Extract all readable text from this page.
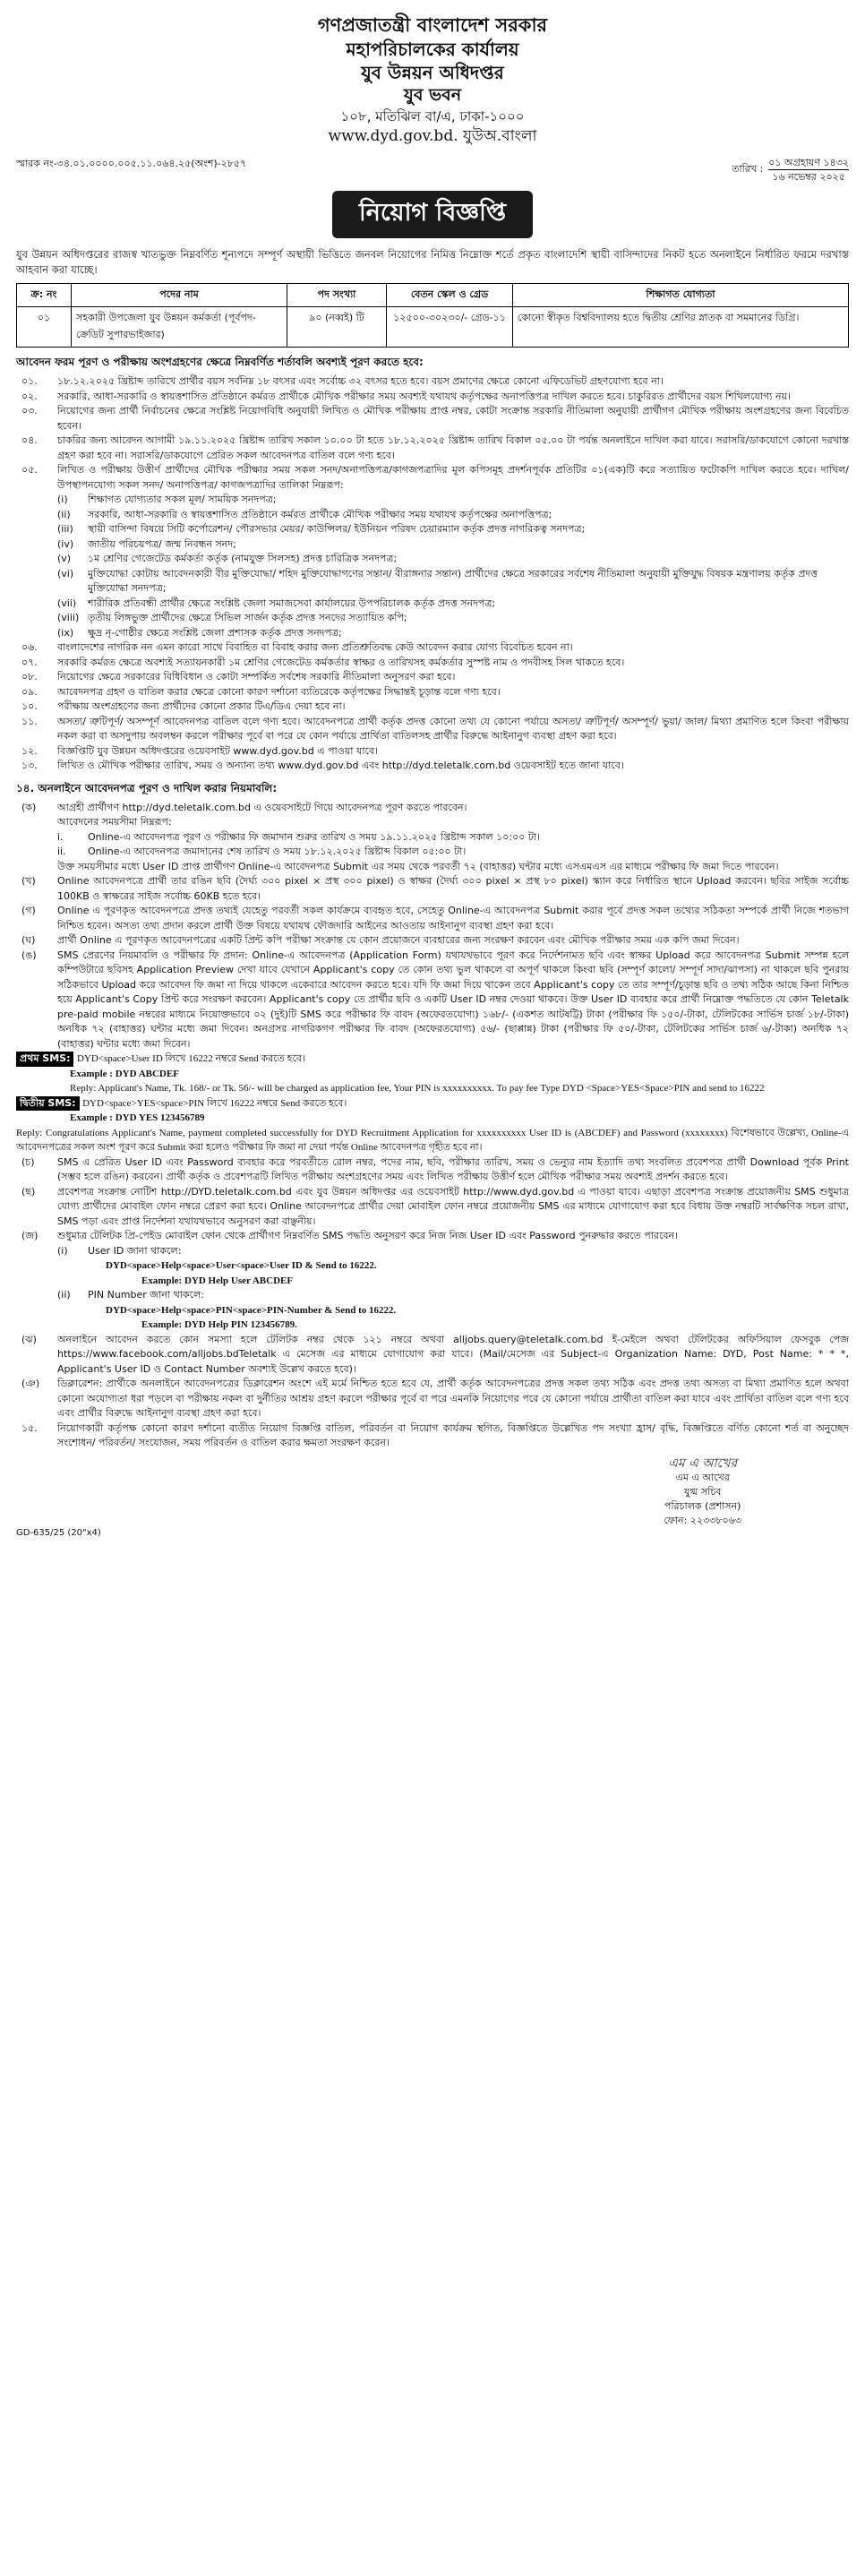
গণপ্রজাতন্ত্রী বাংলাদেশ সরকার
মহাপরিচালকের কার্যালয়
যুব উন্নয়ন অধিদপ্তর
যুব ভবন
১০৮, মতিঝিল বা/এ, ঢাকা-১০০০
www.dyd.gov.bd. যুউঅ.বাংলা
স্মারক নং-৩৪.০১.০০০০.০০৫.১১.০৬৪.২৫(অংশ)-২৮৫৭	তারিখ :
০১ অগ্রহায়ণ ১৪৩২
১৬ নভেম্বর ২০২৫
নিয়োগ বিজ্ঞপ্তি
যুব উন্নয়ন অধিদপ্তরের রাজস্ব খাতভুক্ত নিম্নবর্ণিত শূন্যপদে সম্পূর্ণ অস্থায়ী ভিত্তিতে জনবল নিয়োগের নিমিত্ত নিম্নোক্ত শর্তে প্রকৃত বাংলাদেশি স্থায়ী বাসিন্দাদের নিকট হতে অনলাইনে নির্ধারিত ফরমে দরখাস্ত আহবান করা যাচ্ছে।
ক্র: নং	পদের নাম	পদ সংখ্যা	বেতন স্কেল ও গ্রেড	শিক্ষাগত যোগ্যতা
০১	সহকারী উপজেলা যুব উন্নয়ন কর্মকর্তা (পূর্বপদ- ক্রেডিট সুপারভাইজার)	৯০ (নব্বই) টি	১২৫০০-৩০২৩০/- গ্রেড-১১	কোনো স্বীকৃত বিশ্ববিদ্যালয় হতে দ্বিতীয় শ্রেণির স্নাতক বা সমমানের ডিগ্রি।
আবেদন ফরম পূরণ ও পরীক্ষায় অংশগ্রহণের ক্ষেত্রে নিম্নবর্ণিত শর্তাবলি অবশ্যই পূরণ করতে হবে:
০১.	১৮.১২.২০২৫ খ্রিষ্টাব্দ তারিখে প্রার্থীর বয়স সর্বনিম্ন ১৮ বৎসর এবং সর্বোচ্চ ৩২ বৎসর হতে হবে। বয়স প্রমাণের ক্ষেত্রে কোনো এফিডেভিট গ্রহণযোগ্য হবে না।
০২.	সরকারি, আধা-সরকারি ও স্বায়ত্তশাসিত প্রতিষ্ঠানে কর্মরত প্রার্থীকে মৌখিক পরীক্ষার সময় অবশ্যই যথাযথ কর্তৃপক্ষের অনাপত্তিপত্র দাখিল করতে হবে। চাকুরিরত প্রার্থীদের বয়স শিথিলযোগ্য নয়।
০৩.	নিয়োগের জন্য প্রার্থী নির্বাচনের ক্ষেত্রে সংশ্লিষ্ট নিয়োগবিধি অনুযায়ী লিখিত ও মৌখিক পরীক্ষায় প্রাপ্ত নম্বর, কোটা সংক্রান্ত সরকারি নীতিমালা অনুযায়ী প্রার্থীগণ মৌখিক পরীক্ষায় অংশগ্রহণের জন্য বিবেচিত হবেন।
০৪.	চাকরির জন্য আবেদন আগামী ১৯.১১.২০২৫ খ্রিষ্টাব্দ তারিখ সকাল ১০.০০ টা হতে ১৮.১২.২০২৫ খ্রিষ্টাব্দ তারিখ বিকাল ০৫.০০ টা পর্যন্ত অনলাইনে দাখিল করা যাবে। সরাসরি/ডাকযোগে কোনো দরখাস্ত গ্রহণ করা হবে না। সরাসরি/ডাকযোগে প্রেরিত সকল আবেদনপত্র বাতিল বলে গণ্য হবে।
০৫.	লিখিত ও পরীক্ষায় উত্তীর্ণ প্রার্থীদের মৌখিক পরীক্ষার সময় সকল সনদ/অনাপত্তিপত্র/কাগজপত্রাদির মূল কপিসমূহ প্রদর্শনপূর্বক প্রতিটির ০১(এক)টি করে সত্যায়িত ফটোকপি দাখিল করতে হবে। দাখিল/উপস্থাপনযোগ্য সকল সনদ/ অনাপত্তিপত্র/ কাগজপত্রাদির তালিকা নিম্নরূপ:
(i)	শিক্ষাগত যোগ্যতার সকল মূল/ সাময়িক সনদপত্র;
(ii)	সরকারি, আধা-সরকারি ও স্বায়ত্তশাসিত প্রতিষ্ঠানে কর্মরত প্রার্থীকে মৌখিক পরীক্ষার সময় যথাযথ কর্তৃপক্ষের অনাপত্তিপত্র;
(iii)	স্থায়ী বাসিন্দা বিষয়ে সিটি কর্পোরেশন/ পৌরসভার মেয়র/ কাউন্সিলর/ ইউনিয়ন পরিষদ চেয়ারম্যান কর্তৃক প্রদত্ত নাগরিকত্ব সনদপত্র;
(iv)	জাতীয় পরিচয়পত্র/ জন্ম নিবন্ধন সনদ;
(v)	১ম শ্রেণির গেজেটেড কর্মকর্তা কর্তৃক (নামযুক্ত সিলসহ) প্রদত্ত চারিত্রিক সনদপত্র;
(vi)	মুক্তিযোদ্ধা কোটায় আবেদনকারী বীর মুক্তিযোদ্ধা/ শহিদ মুক্তিযোদ্ধাগণের সন্তান/ বীরাঙ্গনার সন্তান) প্রার্থীদের ক্ষেত্রে সরকারের সর্বশেষ নীতিমালা অনুযায়ী মুক্তিযুদ্ধ বিষয়ক মন্ত্রণালয় কর্তৃক প্রদত্ত মুক্তিযোদ্ধা সনদপত্র;
(vii)	শারীরিক প্রতিবন্ধী প্রার্থীর ক্ষেত্রে সংশ্লিষ্ট জেলা সমাজসেবা কার্যালয়ের উপপরিচালক কর্তৃক প্রদত্ত সনদপত্র;
(viii) তৃতীয় লিঙ্গভুক্ত প্রার্থীদের ক্ষেত্রে সিভিল সার্জন কর্তৃক প্রদত্ত সনদের সত্যায়িত কপি;
(ix)	ক্ষুদ্র নৃ-গোষ্ঠীর ক্ষেত্রে সংশ্লিষ্ট জেলা প্রশাসক কর্তৃক প্রদত্ত সনদপত্র;
০৬.	বাংলাদেশের নাগরিক নন এমন কারো সাথে বিবাহিত বা বিবাহ করার জন্য প্রতিশ্রুতিবদ্ধ কেউ আবেদন করার যোগ্য বিবেচিত হবেন না।
০৭.	সরকারি কর্মরত ক্ষেত্রে অবশ্যই সত্যায়নকারী ১ম শ্রেণির গেজেটেড কর্মকর্তার স্বাক্ষর ও তারিখসহ কর্মকর্তার সুস্পষ্ট নাম ও পদবীসহ সিল থাকতে হবে।
০৮.	নিয়োগের ক্ষেত্রে সরকারের বিধিবিধান ও কোটা সম্পর্কিত সর্বশেষ সরকারি নীতিমালা অনুসরণ করা হবে।
০৯.	আবেদনপত্র গ্রহণ ও বাতিল করার ক্ষেত্রে কোনো কারণ দর্শানো ব্যতিরেকে কর্তৃপক্ষের সিদ্ধান্তই চূড়ান্ত বলে গণ্য হবে।
১০.	পরীক্ষায় অংশগ্রহণের জন্য প্রার্থীদের কোনো প্রকার টিএ/ডিএ দেয়া হবে না।
১১.	অসত্য/ ত্রুটিপূর্ণ/ অসম্পূর্ণ আবেদনপত্র বাতিল বলে গণ্য হবে। আবেদনপত্রে প্রার্থী কর্তৃক প্রদত্ত কোনো তথ্য যে কোনো পর্যায়ে অসত্য/ ত্রুটিপূর্ণ/ অসম্পূর্ণ/ ভুয়া/ জাল/ মিথ্যা প্রমাণিত হলে কিংবা পরীক্ষায় নকল করা বা অসদুপায় অবলম্বন করলে পরীক্ষার পূর্বে বা পরে যে কোন পর্যায়ে প্রার্থিতা বাতিলসহ প্রার্থীর বিরুদ্ধে আইনানুগ ব্যবস্থা গ্রহণ করা হবে।
১২.	বিজ্ঞপ্তিটি যুব উন্নয়ন অধিদপ্তরের ওয়েবসাইট www.dyd.gov.bd এ পাওয়া যাবে।
১৩.	লিখিত ও মৌখিক পরীক্ষার তারিখ, সময় ও অন্যান্য তথ্য www.dyd.gov.bd এবং http://dyd.teletalk.com.bd ওয়েবসাইট হতে জানা যাবে।
১৪. অনলাইনে আবেদনপত্র পূরণ ও দাখিল করার নিয়মাবলি:
(ক)	আগ্রহী প্রার্থীগণ http://dyd.teletalk.com.bd এ ওয়েবসাইটে গিয়ে আবেদনপত্র পূরণ করতে পারবেন।
আবেদনের সময়সীমা নিম্নরূপ:
i.	Online-এ আবেদনপত্র পূরণ ও পরীক্ষার ফি জমাদান শুরুর তারিখ ও সময় ১৯.১১.২০২৫ খ্রিষ্টাব্দ সকাল ১০:০০ টা।
ii.	Online-এ আবেদনপত্র জমাদানের শেষ তারিখ ও সময় ১৮.১২.২০২৫ খ্রিষ্টাব্দ বিকাল ০৫:০০ টা।
উক্ত সময়সীমার মধ্যে User ID প্রাপ্ত প্রার্থীগণ Online-এ আবেদনপত্র Submit এর সময় থেকে পরবর্তী ৭২ (বাহাত্তর) ঘন্টার মধ্যে এসএমএস এর মাধ্যমে পরীক্ষার ফি জমা দিতে পারবেন।
(খ)	Online আবেদনপত্রে প্রার্থী তার রঙিন ছবি (দৈর্ঘ্য ৩০০ pixel × প্রস্থ ৩০০ pixel) ও স্বাক্ষর (দৈর্ঘ্য ৩০০ pixel × প্রস্থ ৮০ pixel) স্ক্যান করে নির্ধারিত স্থানে Upload করবেন। ছবির সাইজ সর্বোচ্চ 100KB ও স্বাক্ষরের সাইজ সর্বোচ্চ 60KB হতে হবে।
(গ)	Online এ পূরণকৃত আবেদনপত্রে প্রদত্ত তথ্যই যেহেতু পরবর্তী সকল কার্যক্রমে ব্যবহৃত হবে, সেহেতু Online-এ আবেদনপত্র Submit করার পূর্বে প্রদত্ত সকল তথ্যের সঠিকতা সম্পর্কে প্রার্থী নিজে শতভাগ নিশ্চিত হবেন। অসত্য তথ্য প্রদান করলে প্রার্থী উক্ত বিষয়ে যথাযথ ফৌজদারি আইনের আওতায় আইনানুগ ব্যবস্থা গ্রহণ করা হবে।
(ঘ)	প্রার্থী Online এ পূরণকৃত আবেদনপত্রের একটি প্রিন্ট কপি পরীক্ষা সংক্রান্ত যে কোন প্রয়োজনে ব্যবহারের জন্য সংরক্ষণ করবেন এবং মৌখিক পরীক্ষার সময় এক কপি জমা দিবেন।
(ঙ)	SMS প্রেরণের নিয়মাবলি ও পরীক্ষার ফি প্রদান: Online-এ আবেদনপত্র (Application Form) যথাযথভাবে পূরণ করে নির্দেশনামত ছবি এবং স্বাক্ষর Upload করে আবেদনপত্র Submit সম্পন্ন হলে কম্পিউটারে ছবিসহ Application Preview দেখা যাবে যেখানে Applicant's copy তে কোন তথ্য ভুল থাকলে বা অপূর্ণ থাকলে কিংবা ছবি (সম্পূর্ণ কালো/ সম্পূর্ণ সাদা/ঝাপসা) না থাকলে ছবি পুনরায় সঠিকভাবে Upload করে আবেদন ফি জমা না দিয়ে থাকলে একেবারে আবেদন করতে হবে। যদি ফি জমা দিয়ে থাকেন তবে Applicant's copy তে তার সম্পূর্ণ/চূড়ান্ত ছবি ও তথ্য সঠিক আছে কিনা নিশ্চিত হয়ে Applicant's Copy প্রিন্ট করে সংরক্ষণ করবেন। Applicant's copy তে প্রার্থীর ছবি ও একটি User ID নম্বর দেওয়া থাকবে। উক্ত User ID ব্যবহার করে প্রার্থী নিম্নোক্ত পদ্ধতিতে যে কোন Teletalk pre-paid mobile নম্বরের মাধ্যমে নিয়োক্তভাবে ০২ (দুই)টি SMS করে পরীক্ষার ফি বাবদ (অফেরতযোগ্য) ১৬৮/- (একশত আটষট্টি) টাকা (পরীক্ষার ফি ১৫০/-টাকা, টেলিটকের সার্ভিস চার্জ ১৮/-টাকা) অনধিক ৭২ (বাহাত্তর) ঘন্টার মধ্যে জমা দিবেন। অনগ্রসর নাগরিকগণ পরীক্ষার ফি বাবদ (অফেরতযোগ্য) ৫৬/- (ছাপ্পান্ন) টাকা (পরীক্ষার ফি ৫০/-টাকা, টেলিটকের সার্ভিস চার্জ ৬/-টাকা) অনধিক ৭২ (বাহাত্তর) ঘন্টার মধ্যে জমা দিবেন।
প্রথম SMS: DYD<space>User ID লিখে 16222 নম্বরে Send করতে হবে।
Example : DYD ABCDEF
Reply: Applicant's Name, Tk. 168/- or Tk. 56/- will be charged as application fee, Your PIN is xxxxxxxxxx. To pay fee Type DYD <Space>YES<Space>PIN and send to 16222
দ্বিতীয় SMS: DYD<space>YES<space>PIN লিখে 16222 নম্বরে Send করতে হবে।
Example : DYD YES 123456789
Reply: Congratulations Applicant's Name, payment completed successfully for DYD Recruitment Application for xxxxxxxxxx User ID is (ABCDEF) and Password (xxxxxxxx) বিশেষভাবে উল্লেখ্য, Online-এ আবেদনপত্রের সকল অংশ পূরণ করে Submit করা হলেও পরীক্ষার ফি জমা না দেয়া পর্যন্ত Online আবেদনপত্র গৃহীত হবে না।
(চ)	SMS এ প্রেরিত User ID এবং Password ব্যবহার করে পরবর্তীতে রোল নম্বর, পদের নাম, ছবি, পরীক্ষার তারিখ, সময় ও ভেন্যুর নাম ইত্যাদি তথ্য সংবলিত প্রবেশপত্র প্রার্থী Download পূর্বক Print (সম্ভব হলে রঙিন) করবেন। প্রার্থী কর্তৃক ও প্রবেশপত্রটি লিখিত পরীক্ষায় অংশগ্রহণের সময় এবং লিখিত পরীক্ষায় উত্তীর্ণ হলে মৌখিক পরীক্ষার সময় অবশ্যই প্রদর্শন করতে হবে।
(ছ)	প্রবেশপত্র সংক্রান্ত নোটিশ http://DYD.teletalk.com.bd এবং যুব উন্নয়ন অধিদপ্তর এর ওয়েবসাইট http://www.dyd.gov.bd এ পাওয়া যাবে। এছাড়া প্রবেশপত্র সংক্রান্ত প্রয়োজনীয় SMS শুধুমাত্র যোগ্য প্রার্থীদের মোবাইল ফোন নম্বরে প্রেরণ করা হবে। Online আবেদনপত্রে প্রার্থীর দেয়া মোবাইল ফোন নম্বরে প্রয়োজনীয় SMS এর মাধ্যমে যোগাযোগ করা হবে বিধায় উক্ত নম্বরটি সার্বক্ষণিক সচল রাখা, SMS পড়া এবং প্রাপ্ত নির্দেশনা যথাযথভাবে অনুসরণ করা বাঞ্ছনীয়।
(জ)	শুধুমাত্র টেলিটক প্রি-পেইড মোবাইল ফোন থেকে প্রার্থীগণ নিম্নবর্ণিত SMS পদ্ধতি অনুসরণ করে নিজ নিজ User ID এবং Password পুনরুদ্ধার করতে পারবেন।
(i)	User ID জানা থাকলে:
DYD<space>Help<space>User<space>User ID & Send to 16222.
Example: DYD Help User ABCDEF
(ii)	PIN Number জানা থাকলে:
DYD<space>Help<space>PIN<space>PIN-Number & Send to 16222.
Example: DYD Help PIN 123456789.
(ঝ)	অনলাইনে আবেদন করতে কোন সমস্যা হলে টেলিটক নম্বর থেকে ১২১ নম্বরে অথবা alljobs.query@teletalk.com.bd ই-মেইলে অথবা টেলিটকের অফিসিয়াল ফেসবুক পেজ https://www.facebook.com/alljobs.bdTeletalk এ মেসেজ এর মাধ্যমে যোগাযোগ করা যাবে। (Mail/মেসেজ এর Subject-এ Organization Name: DYD, Post Name: * * *, Applicant's User ID ও Contact Number অবশ্যই উল্লেখ করতে হবে)।
(ঞ)	ডিক্লারেশন: প্রার্থীকে অনলাইনে আবেদনপত্রের ডিক্লারেশন অংশে এই মর্মে নিশ্চিত হতে হবে যে, প্রার্থী কর্তৃক আবেদনপত্রের প্রদত্ত সকল তথ্য সঠিক এবং প্রদত্ত তথ্য অসত্য বা মিথ্যা প্রমাণিত হলে অথবা কোনো অযোগ্যতা ধরা পড়লে বা পরীক্ষায় নকল বা দুর্নীতির আশ্রয় গ্রহণ করলে পরীক্ষার পূর্বে বা পরে এমনকি নিয়োগের পরে যে কোনো পর্যায়ে প্রার্থীতা বাতিল করা যাবে এবং প্রার্থিতা বাতিল বলে গণ্য হবে এবং প্রার্থীর বিরুদ্ধে আইনানুগ ব্যবস্থা গ্রহণ করা হবে।
১৫.	নিয়োগকারী কর্তৃপক্ষ কোনো কারণ দর্শানো ব্যতীত নিয়োগ বিজ্ঞপ্তি বাতিল, পরিবর্তন বা নিয়োগ কার্যক্রম স্থগিত, বিজ্ঞপ্তিতে উল্লেখিত পদ সংখ্যা হ্রাস/ বৃদ্ধি, বিজ্ঞপ্তিতে বর্ণিত কোনো শর্ত বা অনুচ্ছেদ সংশোধন/ পরিবর্তন/ সংযোজন, সময় পরিবর্তন ও বাতিল করার ক্ষমতা সংরক্ষণ করেন।
এম এ আখের
এম এ আখের
যুগ্ম সচিব
পরিচালক (প্রশাসন)
ফোন: ২২৩৩৮০৬৩
GD-635/25 (20"x4)
